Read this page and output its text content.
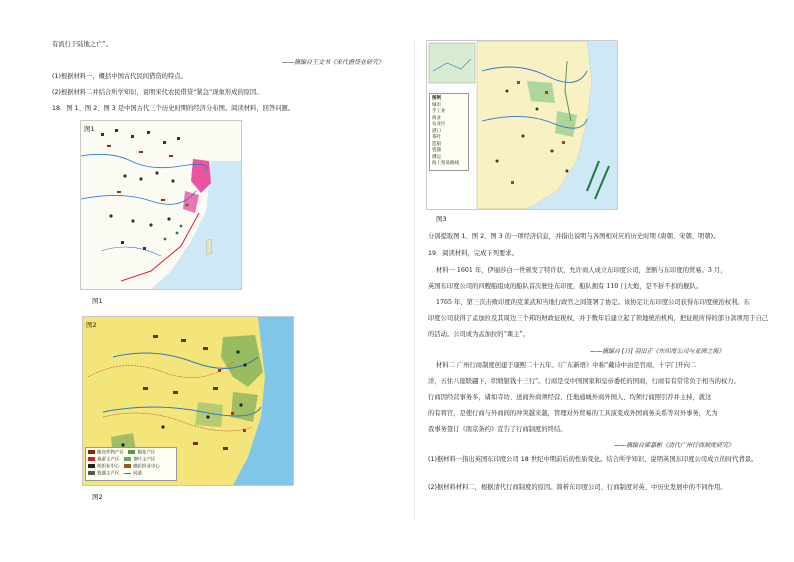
有流行于陆地之亡”。
——摘编自王文书《宋代借贷业研究》
(1)根据材料一，概括中国古代民间借贷的特点。
(2)根据材料二并结合所学知识，说明宋代农民借贷“紧急”现象形成的原因。
18．图 1、图 2、图 3 是中国古代三个历史时期的经济分布图。阅读材料，回答问题。
图1
图1
粮食作物产区	棉花产区
桑蚕主产区	茶叶主产区
丝织业中心	棉纺织业中心
瓷器主产区	河道
图2
图2
图例
城市
手工业
商业
农业区
港口
茶叶
造船
瓷器
漕运
海上贸易路线
图3
分别提取图 1、图 2、图 3 的一项经济信息，并指出说明与各图相对应的历史时期 (唐朝、宋朝、明朝)。
19．阅读材料，完成下列要求。
材料一 1601 年，伊丽莎白一世颁发了特许状，允许商人成立东印度公司，垄断与东印度的贸易。3 月，
英国东印度公司的四艘船组成的船队首次驶往东印度，船队拥有 110 门大炮，是不折不扣的舰队。
1765 年，第三次击败印度的克莱武和当地行政官之间签署了协定。该协定让东印度公司获得东印度统治权利。东
印度公司获得了孟加拉及其周边三个邦的财政征税权，并于数年后建立起了领地统治机构，把征税所得的部分款项用于自己
的活动。公司成为孟加拉的“课主”。
——摘编自 [日] 羽田正《东印度公司与亚洲之海》
材料二 广州行商制度创建于康熙二十五年。《广东新语》中称“戴诗中由是官商，十字门开向二
洋，五住八座联翩下，织缎银钱十三行”。行商是受中国国家和皇帝委托的国商，行商有有常常负于相当的权力。
行商因经营事务多，诸如寺坊、送商外商须经营、任地通城外商外国人、均须行商照引荐并主持，就这
的有将官，是使行商与外商间的冲突越来越，管理对外贸易的工具演变成外国商务关系等对外事务，尤为
我事务签订《南京条约》宣告了行商制度的终结。
——摘编自梁嘉彬《清代广州行商制度研究》
(1)据材料一指出英国东印度公司 18 世纪中期前后的性质变化。结合所学知识，说明英国东印度公司成立的时代背景。
(2)据材料材料二，根据清代行商制度的原因。简析东印度公司、行商制度对英、中历史发展中的不同作用。
